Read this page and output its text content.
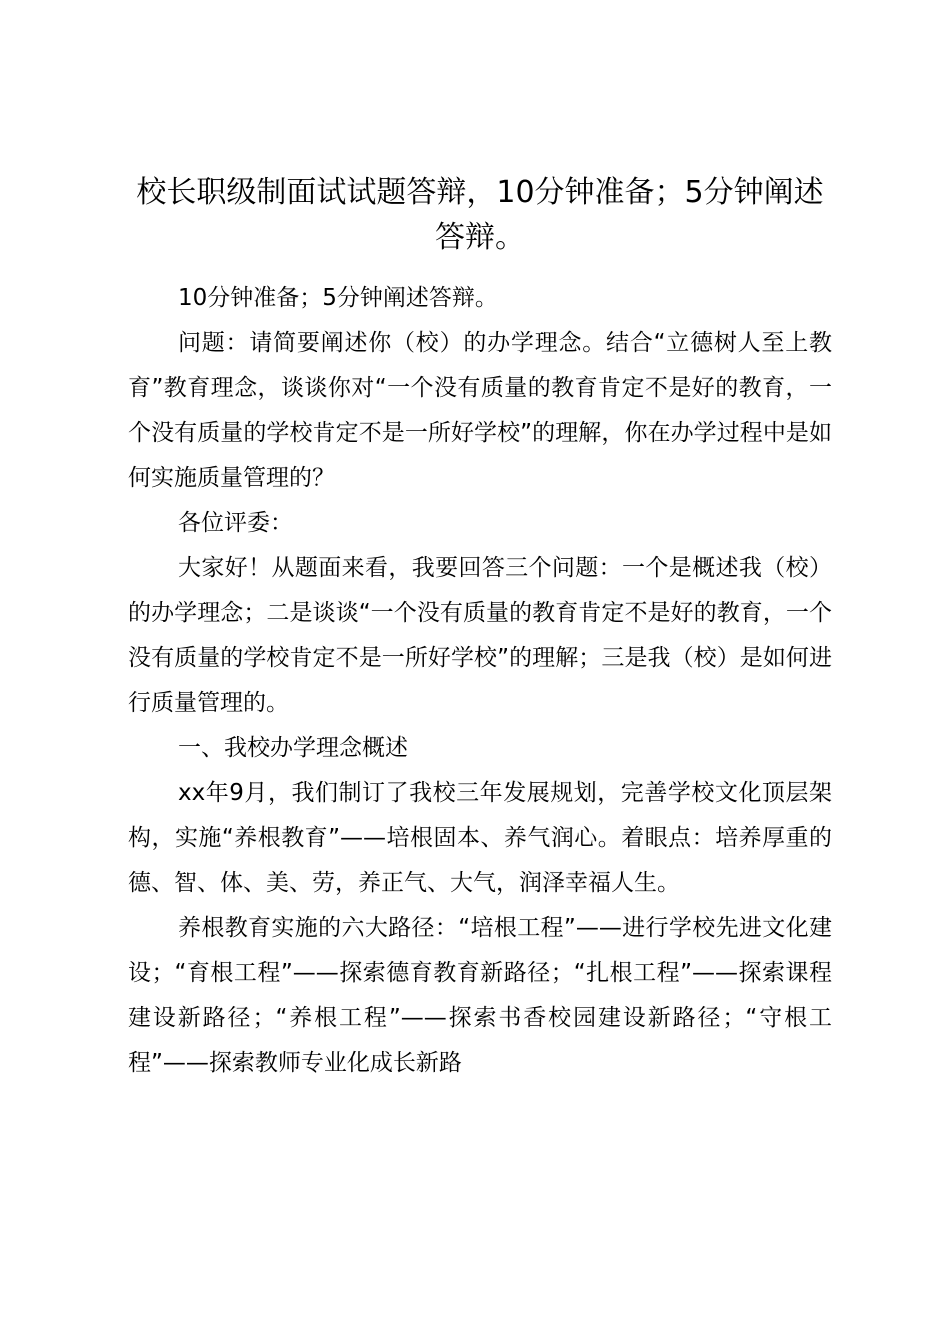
校长职级制面试试题答辩，10分钟准备；5分钟阐述答辩。

10分钟准备；5分钟阐述答辩。

问题：请简要阐述你（校）的办学理念。结合“立德树人至上教育”教育理念，谈谈你对“一个没有质量的教育肯定不是好的教育，一个没有质量的学校肯定不是一所好学校”的理解，你在办学过程中是如何实施质量管理的？

各位评委：

大家好！从题面来看，我要回答三个问题：一个是概述我（校）的办学理念；二是谈谈“一个没有质量的教育肯定不是好的教育，一个没有质量的学校肯定不是一所好学校”的理解；三是我（校）是如何进行质量管理的。

一、我校办学理念概述

xx年9月，我们制订了我校三年发展规划，完善学校文化顶层架构，实施“养根教育”——培根固本、养气润心。着眼点：培养厚重的德、智、体、美、劳，养正气、大气，润泽幸福人生。

养根教育实施的六大路径：“培根工程”——进行学校先进文化建设；“育根工程”——探索德育教育新路径；“扎根工程”——探索课程建设新路径；“养根工程”——探索书香校园建设新路径；“守根工程”——探索教师专业化成长新路
